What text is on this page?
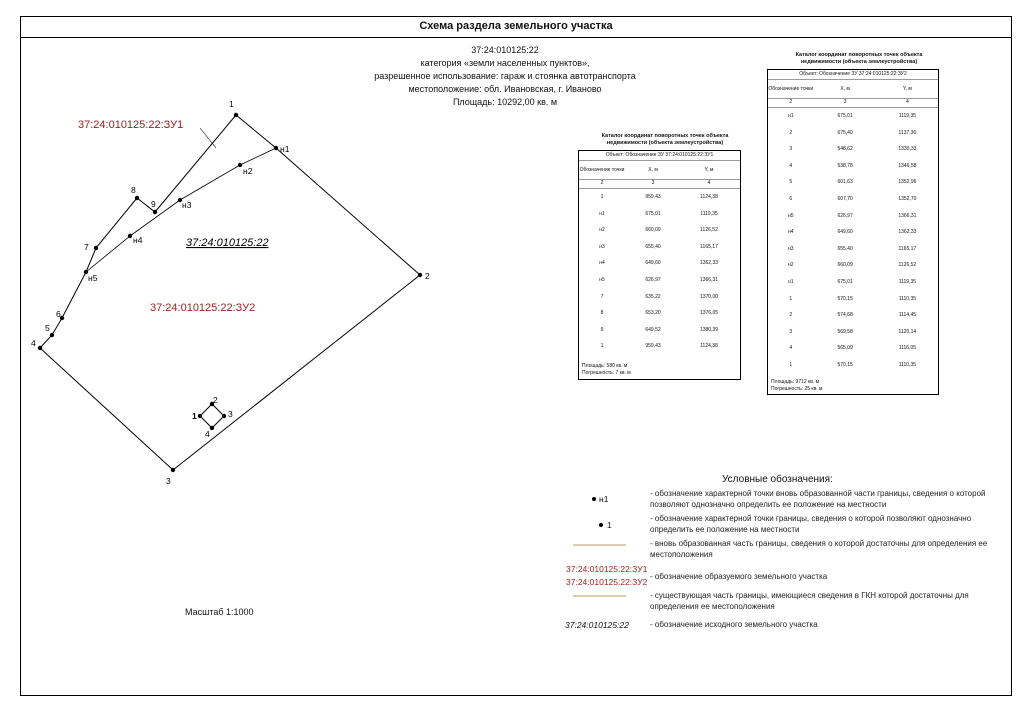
Схема раздела земельного участка
37:24:010125:22
категория «земли населенных пунктов»,
разрешенное использование: гараж и стоянка автотранспорта
местоположение: обл. Ивановская, г. Иваново
Площадь: 10292,00 кв. м
1
2
3
4
5
6
7
8
9
н1
н2
н3
н4
н5
1
2
3
4
37:24:010125:22:ЗУ1
37:24:010125:22
37:24:010125:22:ЗУ2
Каталог координат поворотных точек объекта недвижимости (объекта землеустройства)
Объект: Обозначение ЗУ 37:24:010125:22:ЗУ1
Обозначение точки	X, м	Y, м
2	3	4
1	959,43	1124,38
н1	675,01	1119,35
н2	660,09	1126,52
н3	655,40	1165,17
н4	649,60	1362,33
н5	626,97	1366,31
7	635,22	1370,00
8	653,20	1376,05
9	649,52	1380,39
1	959,43	1124,38
Площадь: 580 кв. м
Погрешность: 7 кв. м
Каталог координат поворотных точек объекта недвижимости (объекта землеустройства)
Объект: Обозначение ЗУ 37:24:010125:22:ЗУ2
Обозначение точки	X, м	Y, м
2	3	4
н1	675,01	1119,35
2	675,40	1137,36
3	548,62	1330,33
4	538,78	1346,58
5	601,63	1352,96
6	607,70	1352,70
н5	626,97	1366,31
н4	649,60	1362,33
н3	655,40	1165,17
н2	660,09	1126,52
н1	675,01	1119,35
1	570,15	1110,35
2	574,68	1114,45
3	569,58	1120,14
4	565,09	1116,05
1	570,15	1110,35
Площадь: 9712 кв. м
Погрешность: 25 кв. м
Условные обозначения:
н1
1
37:24:010125:22:ЗУ1
37:24:010125:22:ЗУ2
37:24:010125:22
- обозначение характерной точки вновь образованной части границы, сведения о которой позволяют однозначно определить ее положение на местности
- обозначение характерной точки границы, сведения о которой позволяют однозначно определить ее положение на местности
- вновь образованная часть границы, сведения о которой достаточны для определения ее местоположения
- обозначение образуемого земельного участка
- существующая часть границы, имеющиеся сведения в ГКН которой достаточны для определения ее местоположения
- обозначение исходного земельного участка
Масштаб 1:1000
